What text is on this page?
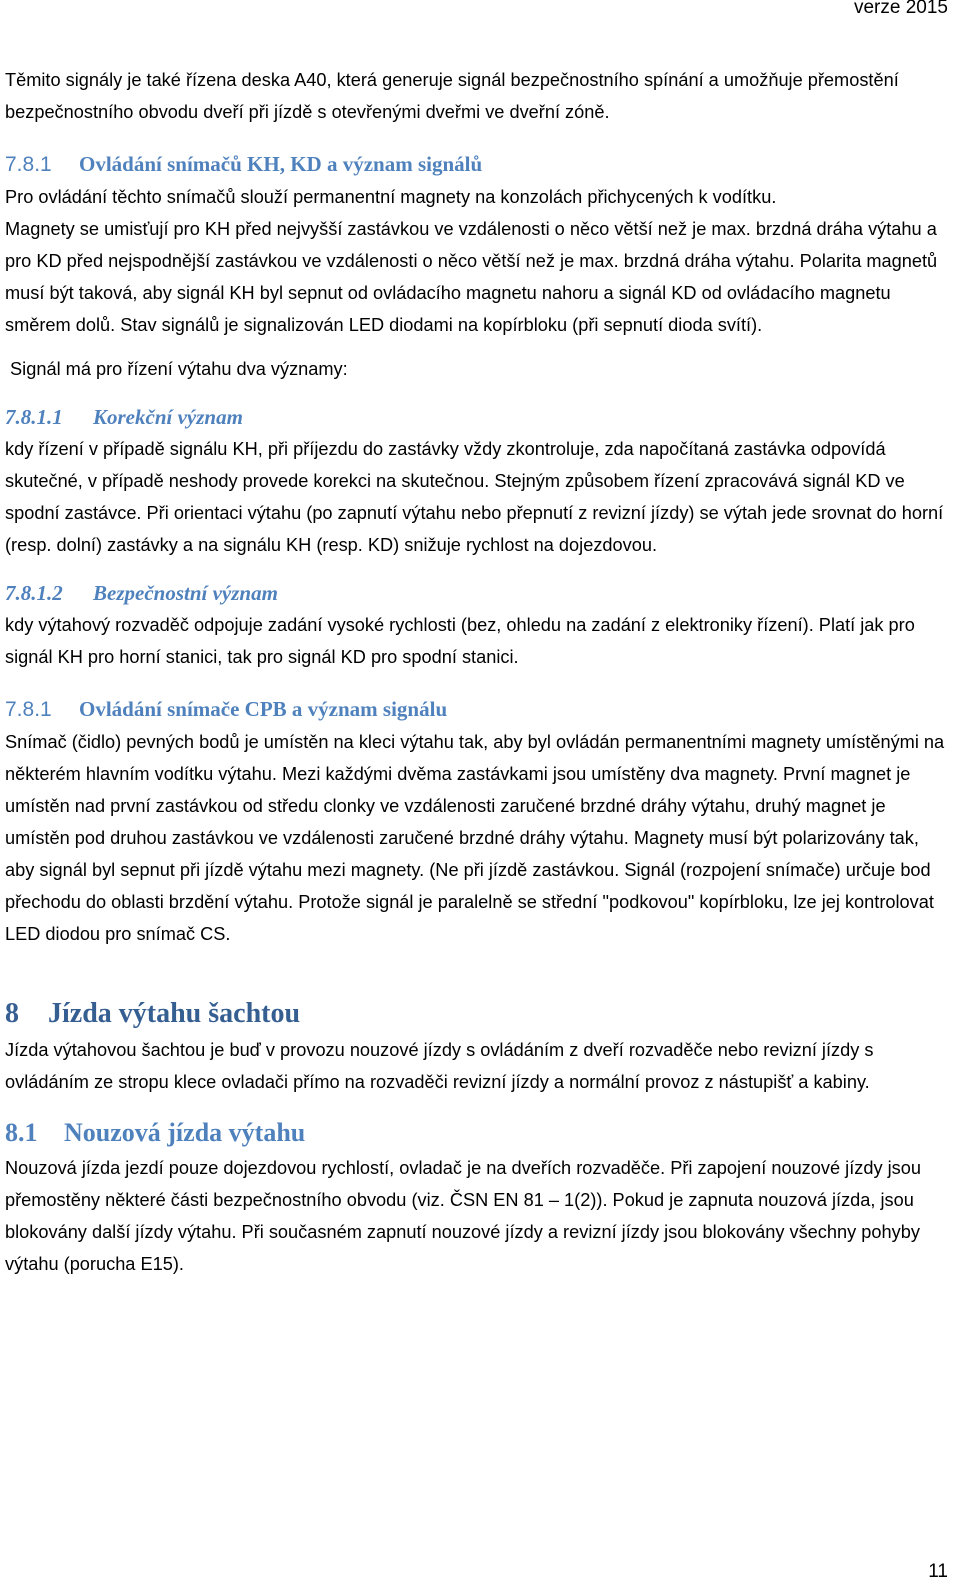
verze 2015

Těmito signály je také řízena deska A40, která generuje signál bezpečnostního spínání a umožňuje přemostění bezpečnostního obvodu dveří při jízdě s otevřenými dveřmi ve dveřní zóně.

7.8.1 Ovládání snímačů KH, KD a význam signálů

Pro ovládání těchto snímačů slouží permanentní magnety na konzolách přichycených k vodítku.

Magnety se umisťují pro KH před nejvyšší zastávkou ve vzdálenosti o něco větší než je max. brzdná dráha výtahu a pro KD před nejspodnější zastávkou ve vzdálenosti o něco větší než je max. brzdná dráha výtahu. Polarita magnetů musí být taková, aby signál KH byl sepnut od ovládacího magnetu nahoru a signál KD od ovládacího magnetu směrem dolů. Stav signálů je signalizován LED diodami na kopírbloku (při sepnutí dioda svítí).

Signál má pro řízení výtahu dva významy:

7.8.1.1 Korekční význam

kdy řízení v případě signálu KH, při příjezdu do zastávky vždy zkontroluje, zda napočítaná zastávka odpovídá skutečné, v případě neshody provede korekci na skutečnou. Stejným způsobem řízení zpracovává signál KD ve spodní zastávce. Při orientaci výtahu (po zapnutí výtahu nebo přepnutí z revizní jízdy) se výtah jede srovnat do horní (resp. dolní) zastávky a na signálu KH (resp. KD) snižuje rychlost na dojezdovou.

7.8.1.2 Bezpečnostní význam

kdy výtahový rozvaděč odpojuje zadání vysoké rychlosti (bez, ohledu na zadání z elektroniky řízení). Platí jak pro signál KH pro horní stanici, tak pro signál KD pro spodní stanici.

7.8.1 Ovládání snímače CPB a význam signálu

Snímač (čidlo) pevných bodů je umístěn na kleci výtahu tak, aby byl ovládán permanentními magnety umístěnými na některém hlavním vodítku výtahu. Mezi každými dvěma zastávkami jsou umístěny dva magnety. První magnet je umístěn nad první zastávkou od středu clonky ve vzdálenosti zaručené brzdné dráhy výtahu, druhý magnet je umístěn pod druhou zastávkou ve vzdálenosti zaručené brzdné dráhy výtahu. Magnety musí být polarizovány tak, aby signál byl sepnut při jízdě výtahu mezi magnety. (Ne při jízdě zastávkou. Signál (rozpojení snímače) určuje bod přechodu do oblasti brzdění výtahu. Protože signál je paralelně se střední "podkovou" kopírbloku, lze jej kontrolovat LED diodou pro snímač CS.

8 Jízda výtahu šachtou

Jízda výtahovou šachtou je buď v provozu nouzové jízdy s ovládáním z dveří rozvaděče nebo revizní jízdy s ovládáním ze stropu klece ovladači přímo na rozvaděči revizní jízdy a normální provoz z nástupišť a kabiny.

8.1 Nouzová jízda výtahu

Nouzová jízda jezdí pouze dojezdovou rychlostí, ovladač je na dveřích rozvaděče. Při zapojení nouzové jízdy jsou přemostěny některé části bezpečnostního obvodu (viz. ČSN EN 81 – 1(2)). Pokud je zapnuta nouzová jízda, jsou blokovány další jízdy výtahu. Při současném zapnutí nouzové jízdy a revizní jízdy jsou blokovány všechny pohyby výtahu (porucha E15).

11
